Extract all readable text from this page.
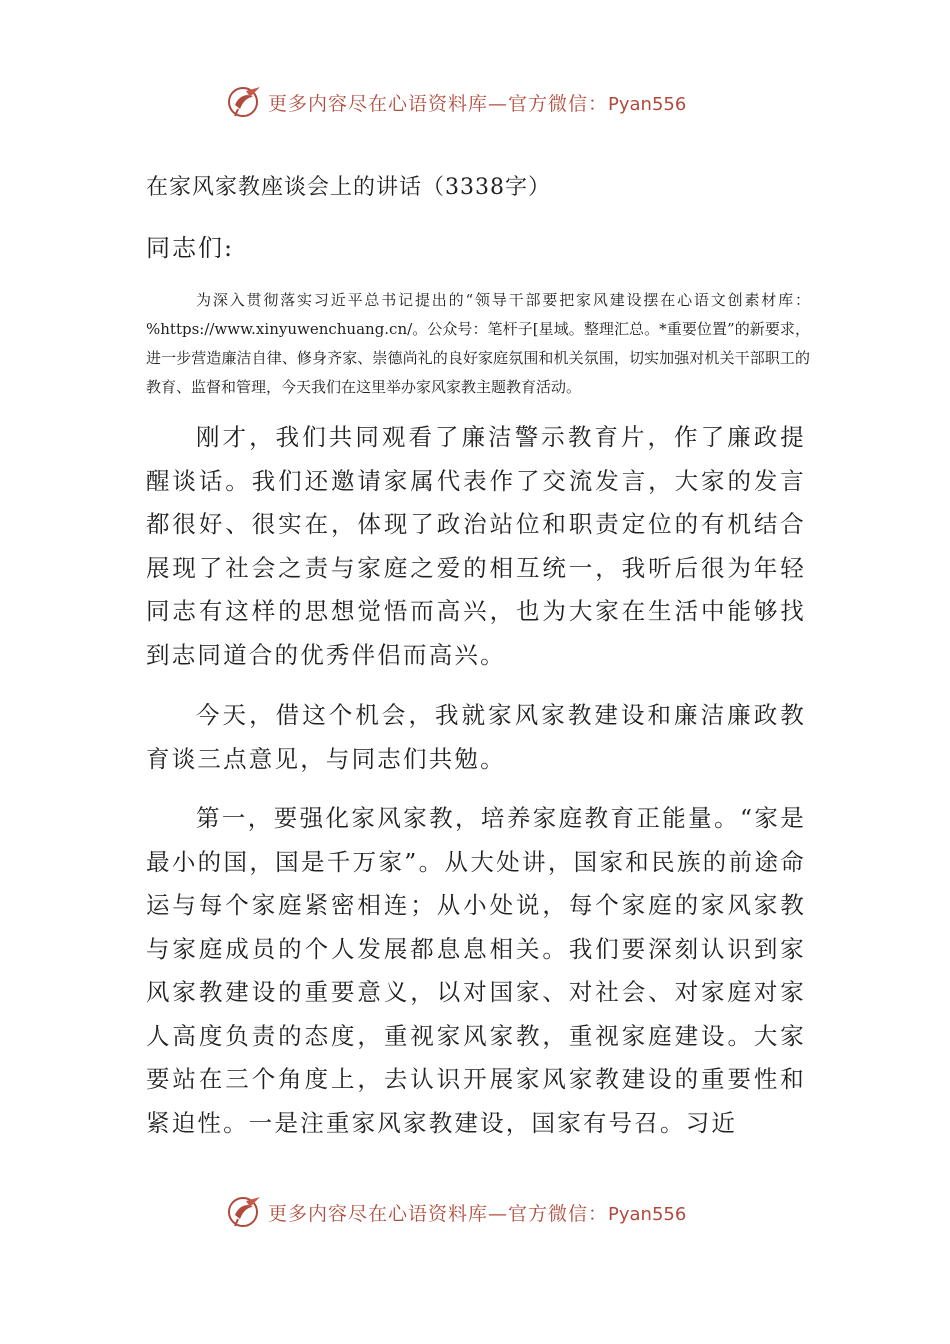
更多内容尽在心语资料库—官方微信：Pyan556
在家风家教座谈会上的讲话（3338字）
同志们:

为深入贯彻落实习近平总书记提出的“领导干部要把家风建设摆在心语文创素材库：%https://www.xinyuwenchuang.cn/。公众号：笔杆子[星域。整理汇总。*重要位置”的新要求，进一步营造廉洁自律、修身齐家、崇德尚礼的良好家庭氛围和机关氛围，切实加强对机关干部职工的教育、监督和管理，今天我们在这里举办家风家教主题教育活动。

刚才，我们共同观看了廉洁警示教育片，作了廉政提醒谈话。我们还邀请家属代表作了交流发言，大家的发言都很好、很实在，体现了政治站位和职责定位的有机结合展现了社会之责与家庭之爱的相互统一，我听后很为年轻同志有这样的思想觉悟而高兴，也为大家在生活中能够找到志同道合的优秀伴侣而高兴。

今天，借这个机会，我就家风家教建设和廉洁廉政教育谈三点意见，与同志们共勉。

第一，要强化家风家教，培养家庭教育正能量。“家是最小的国，国是千万家”。从大处讲，国家和民族的前途命运与每个家庭紧密相连；从小处说，每个家庭的家风家教与家庭成员的个人发展都息息相关。我们要深刻认识到家风家教建设的重要意义，以对国家、对社会、对家庭对家人高度负责的态度，重视家风家教，重视家庭建设。大家要站在三个角度上，去认识开展家风家教建设的重要性和紧迫性。一是注重家风家教建设，国家有号召。习近

更多内容尽在心语资料库—官方微信：Pyan556
